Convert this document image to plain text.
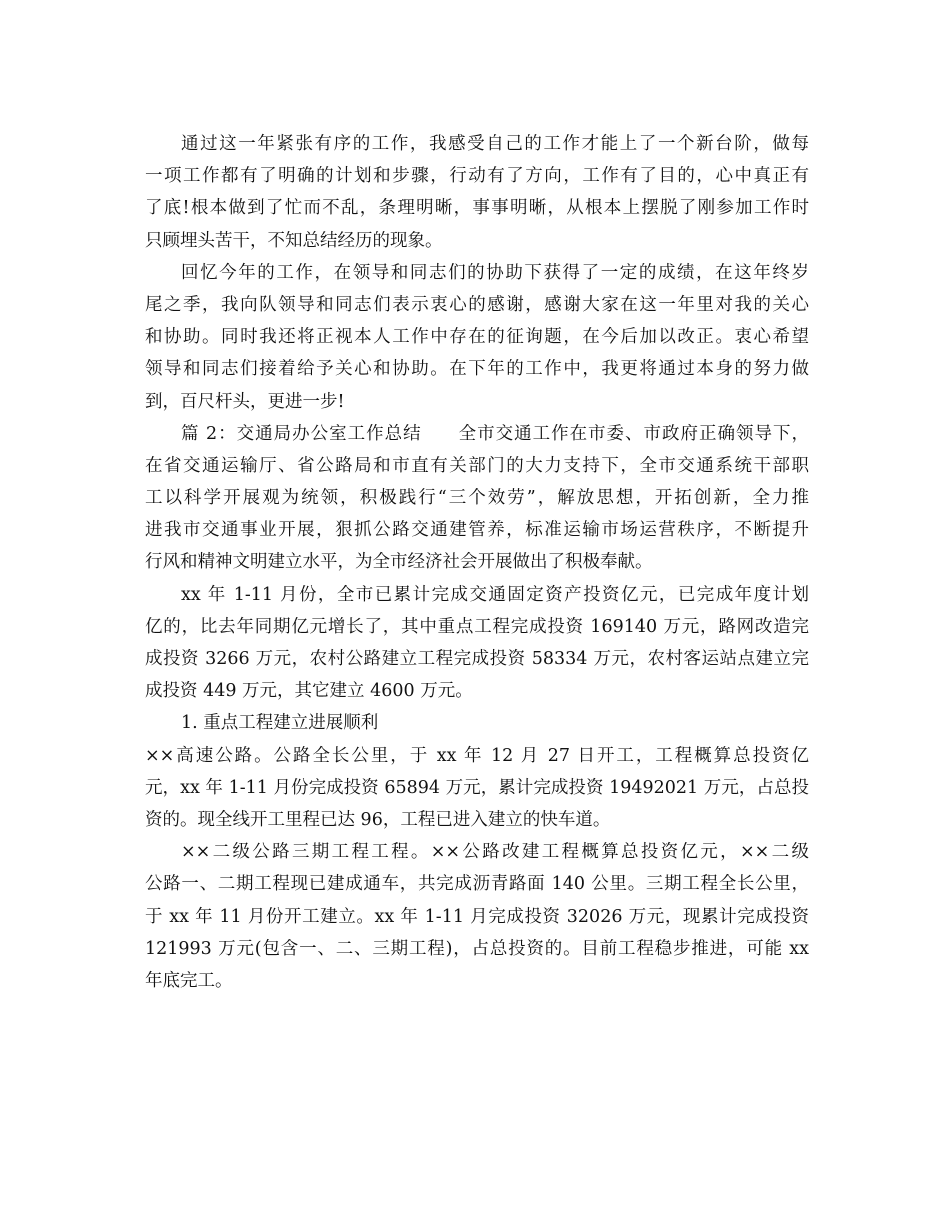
通过这一年紧张有序的工作，我感受自己的工作才能上了一个新台阶，做每
一项工作都有了明确的计划和步骤，行动有了方向，工作有了目的，心中真正有
了底!根本做到了忙而不乱，条理明晰，事事明晰，从根本上摆脱了刚参加工作时
只顾埋头苦干，不知总结经历的现象。
回忆今年的工作，在领导和同志们的协助下获得了一定的成绩，在这年终岁
尾之季，我向队领导和同志们表示衷心的感谢，感谢大家在这一年里对我的关心
和协助。同时我还将正视本人工作中存在的征询题，在今后加以改正。衷心希望
领导和同志们接着给予关心和协助。在下年的工作中，我更将通过本身的努力做
到，百尺杆头，更进一步!
篇 2：交通局办公室工作总结　　全市交通工作在市委、市政府正确领导下，
在省交通运输厅、省公路局和市直有关部门的大力支持下，全市交通系统干部职
工以科学开展观为统领，积极践行“三个效劳”，解放思想，开拓创新，全力推
进我市交通事业开展，狠抓公路交通建管养，标准运输市场运营秩序，不断提升
行风和精神文明建立水平，为全市经济社会开展做出了积极奉献。
xx 年 1-11 月份，全市已累计完成交通固定资产投资亿元，已完成年度计划
亿的，比去年同期亿元增长了，其中重点工程完成投资 169140 万元，路网改造完
成投资 3266 万元，农村公路建立工程完成投资 58334 万元，农村客运站点建立完
成投资 449 万元，其它建立 4600 万元。
1. 重点工程建立进展顺利
××高速公路。公路全长公里，于 xx 年 12 月 27 日开工，工程概算总投资亿
元，xx 年 1-11 月份完成投资 65894 万元，累计完成投资 19492021 万元，占总投
资的。现全线开工里程已达 96，工程已进入建立的快车道。
××二级公路三期工程工程。××公路改建工程概算总投资亿元，××二级
公路一、二期工程现已建成通车，共完成沥青路面 140 公里。三期工程全长公里，
于 xx 年 11 月份开工建立。xx 年 1-11 月完成投资 32026 万元，现累计完成投资
121993 万元(包含一、二、三期工程)，占总投资的。目前工程稳步推进，可能 xx
年底完工。
